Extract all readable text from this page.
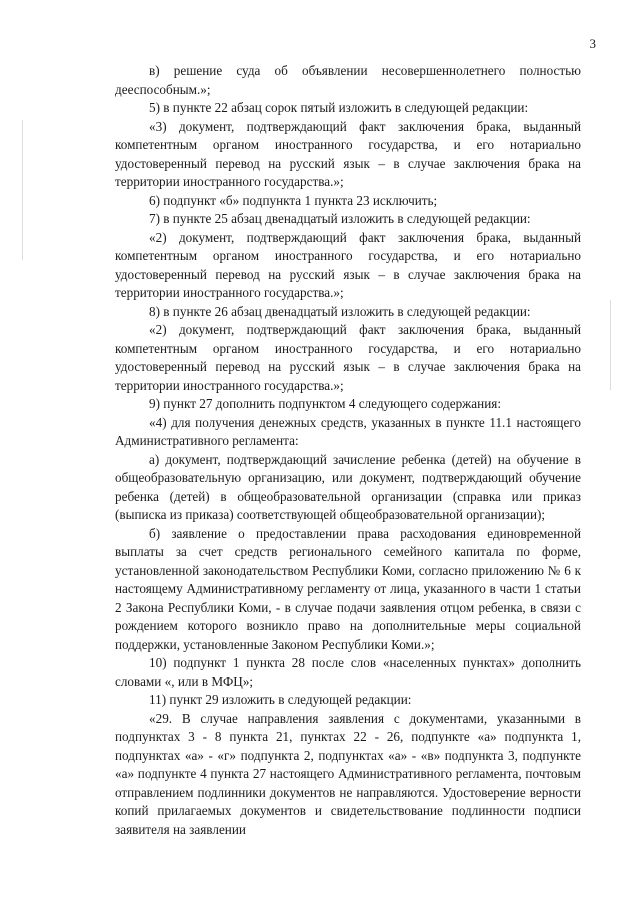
3

в) решение суда об объявлении несовершеннолетнего полностью дееспособным.»;

5) в пункте 22 абзац сорок пятый изложить в следующей редакции:

«3) документ, подтверждающий факт заключения брака, выданный компетентным органом иностранного государства, и его нотариально удостоверенный перевод на русский язык – в случае заключения брака на территории иностранного государства.»;

6) подпункт «б» подпункта 1 пункта 23 исключить;

7) в пункте 25 абзац двенадцатый изложить в следующей редакции:

«2) документ, подтверждающий факт заключения брака, выданный компетентным органом иностранного государства, и его нотариально удостоверенный перевод на русский язык – в случае заключения брака на территории иностранного государства.»;

8) в пункте 26 абзац двенадцатый изложить в следующей редакции:

«2) документ, подтверждающий факт заключения брака, выданный компетентным органом иностранного государства, и его нотариально удостоверенный перевод на русский язык – в случае заключения брака на территории иностранного государства.»;

9) пункт 27 дополнить подпунктом 4 следующего содержания:

«4) для получения денежных средств, указанных в пункте 11.1 настоящего Административного регламента:

а) документ, подтверждающий зачисление ребенка (детей) на обучение в общеобразовательную организацию, или документ, подтверждающий обучение ребенка (детей) в общеобразовательной организации (справка или приказ (выписка из приказа) соответствующей общеобразовательной организации);

б) заявление о предоставлении права расходования единовременной выплаты за счет средств регионального семейного капитала по форме, установленной законодательством Республики Коми, согласно приложению № 6 к настоящему Административному регламенту от лица, указанного в части 1 статьи 2 Закона Республики Коми, - в случае подачи заявления отцом ребенка, в связи с рождением которого возникло право на дополнительные меры социальной поддержки, установленные Законом Республики Коми.»;

10) подпункт 1 пункта 28 после слов «населенных пунктах» дополнить словами «, или в МФЦ»;

11) пункт 29 изложить в следующей редакции:

«29. В случае направления заявления с документами, указанными в подпунктах 3 - 8 пункта 21, пунктах 22 - 26, подпункте «а» подпункта 1, подпунктах «а» - «г» подпункта 2, подпунктах «а» - «в» подпункта 3, подпункте «а» подпункте 4 пункта 27 настоящего Административного регламента, почтовым отправлением подлинники документов не направляются. Удостоверение верности копий прилагаемых документов и свидетельствование подлинности подписи заявителя на заявлении
